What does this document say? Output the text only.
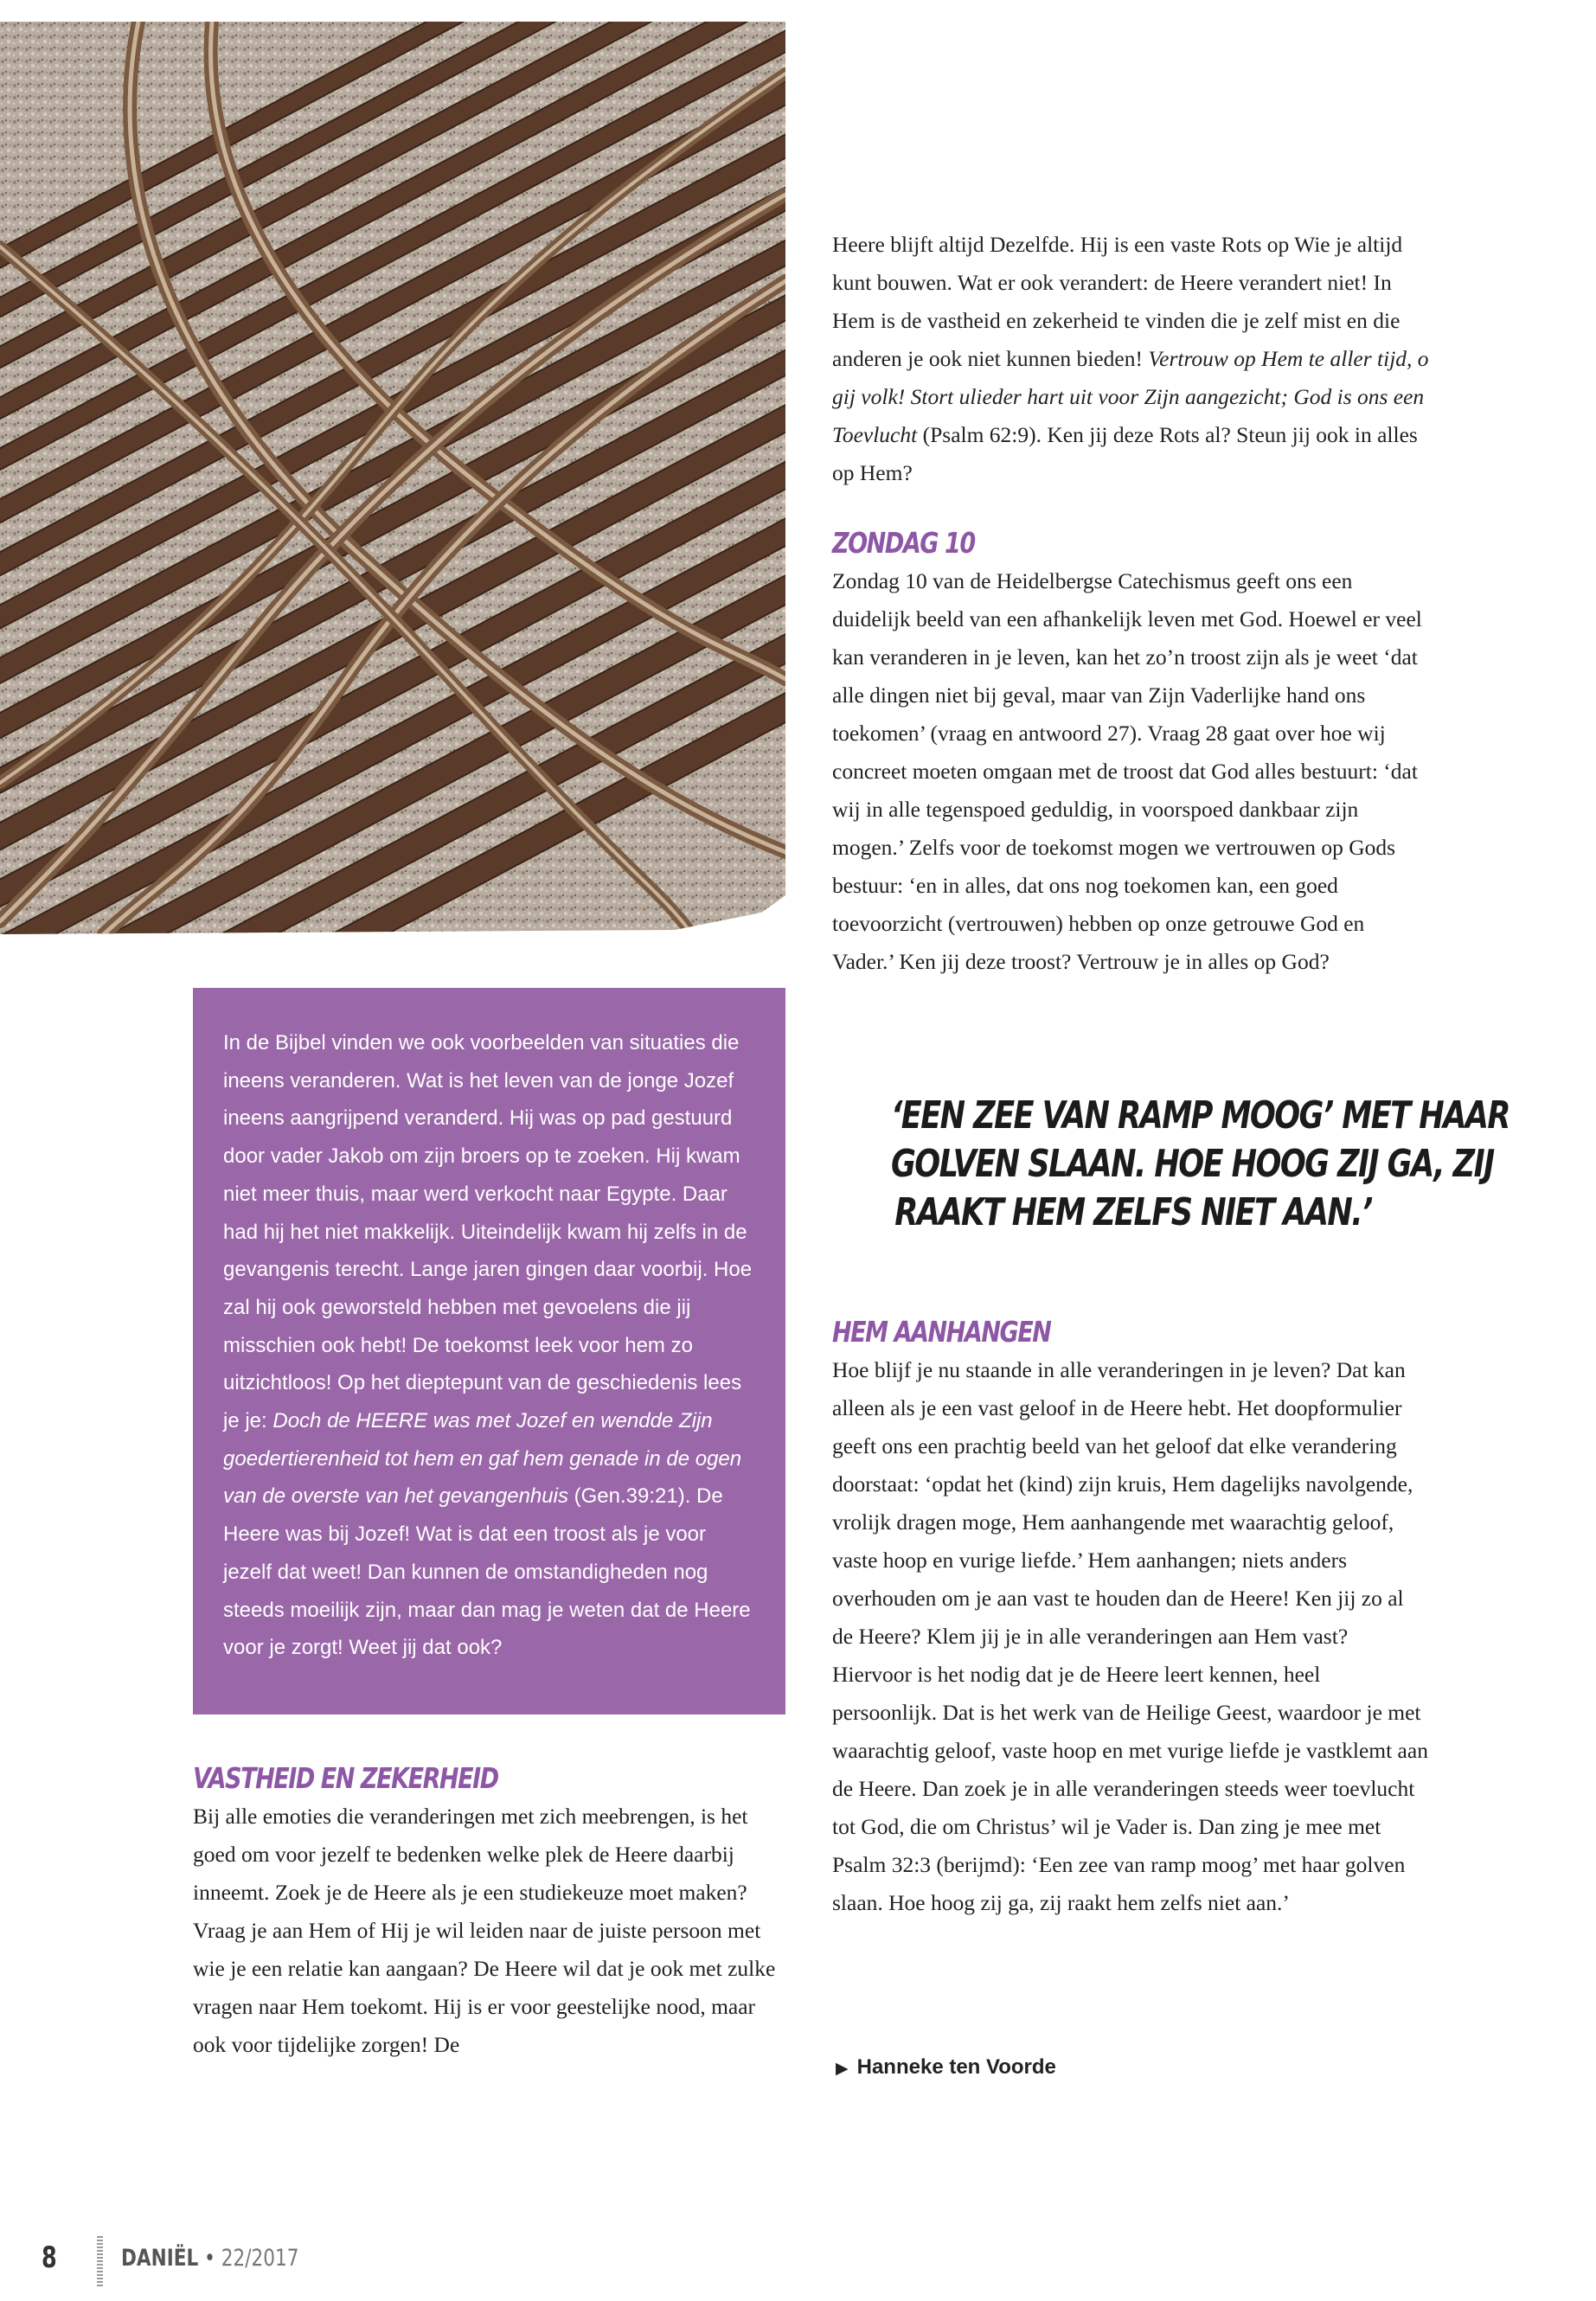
Heere blijft altijd Dezelfde. Hij is een vaste Rots op Wie je altijd kunt bouwen. Wat er ook verandert: de Heere verandert niet! In Hem is de vastheid en zekerheid te vinden die je zelf mist en die anderen je ook niet kunnen bieden! Vertrouw op Hem te aller tijd, o gij volk! Stort ulieder hart uit voor Zijn aangezicht; God is ons een Toevlucht (Psalm 62:9). Ken jij deze Rots al? Steun jij ook in alles op Hem?

ZONDAG 10

Zondag 10 van de Heidelbergse Catechismus geeft ons een duidelijk beeld van een afhankelijk leven met God. Hoewel er veel kan veranderen in je leven, kan het zo’n troost zijn als je weet ‘dat alle dingen niet bij geval, maar van Zijn Vaderlijke hand ons toekomen’ (vraag en antwoord 27). Vraag 28 gaat over hoe wij concreet moeten omgaan met de troost dat God alles bestuurt: ‘dat wij in alle tegenspoed geduldig, in voorspoed dankbaar zijn mogen.’ Zelfs voor de toekomst mogen we vertrouwen op Gods bestuur: ‘en in alles, dat ons nog toekomen kan, een goed toevoorzicht (vertrouwen) hebben op onze getrouwe God en Vader.’ Ken jij deze troost? Vertrouw je in alles op God?

In de Bijbel vinden we ook voorbeelden van situaties die ineens veranderen. Wat is het leven van de jonge Jozef ineens aangrijpend veranderd. Hij was op pad gestuurd door vader Jakob om zijn broers op te zoeken. Hij kwam niet meer thuis, maar werd verkocht naar Egypte. Daar had hij het niet makkelijk. Uiteindelijk kwam hij zelfs in de gevangenis terecht. Lange jaren gingen daar voorbij. Hoe zal hij ook geworsteld hebben met gevoelens die jij misschien ook hebt! De toekomst leek voor hem zo uitzichtloos! Op het dieptepunt van de geschiedenis lees je je: Doch de HEERE was met Jozef en wendde Zijn goedertierenheid tot hem en gaf hem genade in de ogen van de overste van het gevangenhuis (Gen.39:21). De Heere was bij Jozef! Wat is dat een troost als je voor jezelf dat weet! Dan kunnen de omstandigheden nog steeds moeilijk zijn, maar dan mag je weten dat de Heere voor je zorgt! Weet jij dat ook?

‘EEN ZEE VAN RAMP MOOG’ MET HAAR
GOLVEN SLAAN. HOE HOOG ZIJ GA, ZIJ
RAAKT HEM ZELFS NIET AAN.’
HEM AANHANGEN

Hoe blijf je nu staande in alle veranderingen in je leven? Dat kan alleen als je een vast geloof in de Heere hebt. Het doopformulier geeft ons een prachtig beeld van het geloof dat elke verandering doorstaat: ‘opdat het (kind) zijn kruis, Hem dagelijks navolgende, vrolijk dragen moge, Hem aanhangende met waarachtig geloof, vaste hoop en vurige liefde.’ Hem aanhangen; niets anders overhouden om je aan vast te houden dan de Heere! Ken jij zo al de Heere? Klem jij je in alle veranderingen aan Hem vast?

Hiervoor is het nodig dat je de Heere leert kennen, heel persoonlijk. Dat is het werk van de Heilige Geest, waardoor je met waarachtig geloof, vaste hoop en met vurige liefde je vastklemt aan de Heere. Dan zoek je in alle veranderingen steeds weer toevlucht tot God, die om Christus’ wil je Vader is. Dan zing je mee met Psalm 32:3 (berijmd): ‘Een zee van ramp moog’ met haar golven slaan. Hoe hoog zij ga, zij raakt hem zelfs niet aan.’

▶ Hanneke ten Voorde
VASTHEID EN ZEKERHEID

Bij alle emoties die veranderingen met zich meebrengen, is het goed om voor jezelf te bedenken welke plek de Heere daarbij inneemt. Zoek je de Heere als je een studiekeuze moet maken? Vraag je aan Hem of Hij je wil leiden naar de juiste persoon met wie je een relatie kan aangaan? De Heere wil dat je ook met zulke vragen naar Hem toekomt. Hij is er voor geestelijke nood, maar ook voor tijdelijke zorgen! De

8	DANIËL • 22/2017
